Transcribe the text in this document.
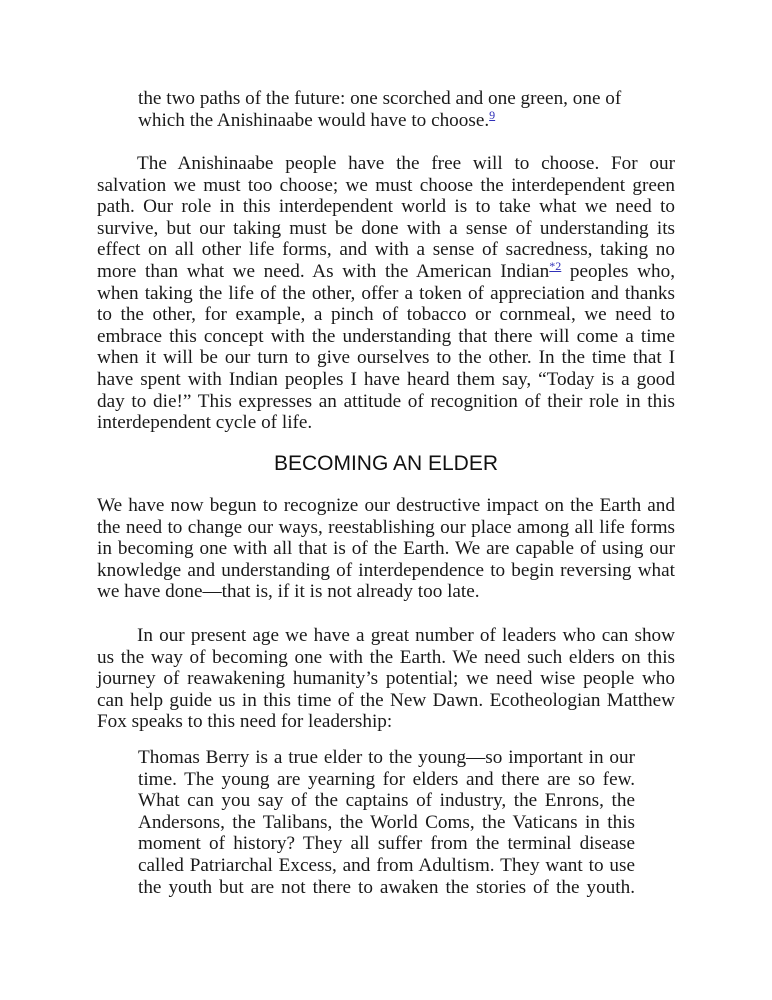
the two paths of the future: one scorched and one green, one of which the Anishinaabe would have to choose.$^9$

The Anishinaabe people have the free will to choose. For our salvation we must too choose; we must choose the interdependent green path. Our role in this interdependent world is to take what we need to survive, but our taking must be done with a sense of understanding its effect on all other life forms, and with a sense of sacredness, taking no more than what we need. As with the American Indian$^{*2}$ peoples who, when taking the life of the other, offer a token of appreciation and thanks to the other, for example, a pinch of tobacco or cornmeal, we need to embrace this concept with the understanding that there will come a time when it will be our turn to give ourselves to the other. In the time that I have spent with Indian peoples I have heard them say, “Today is a good day to die!” This expresses an attitude of recognition of their role in this interdependent cycle of life.

BECOMING AN ELDER

We have now begun to recognize our destructive impact on the Earth and the need to change our ways, reestablishing our place among all life forms in becoming one with all that is of the Earth. We are capable of using our knowledge and understanding of interdependence to begin reversing what we have done—that is, if it is not already too late.

In our present age we have a great number of leaders who can show us the way of becoming one with the Earth. We need such elders on this journey of reawakening humanity’s potential; we need wise people who can help guide us in this time of the New Dawn. Ecotheologian Matthew Fox speaks to this need for leadership:

Thomas Berry is a true elder to the young—so important in our time. The young are yearning for elders and there are so few. What can you say of the captains of industry, the Enrons, the Andersons, the Talibans, the World Coms, the Vaticans in this moment of history? They all suffer from the terminal disease called Patriarchal Excess, and from Adultism. They want to use the youth but are not there to awaken the stories of the youth.
